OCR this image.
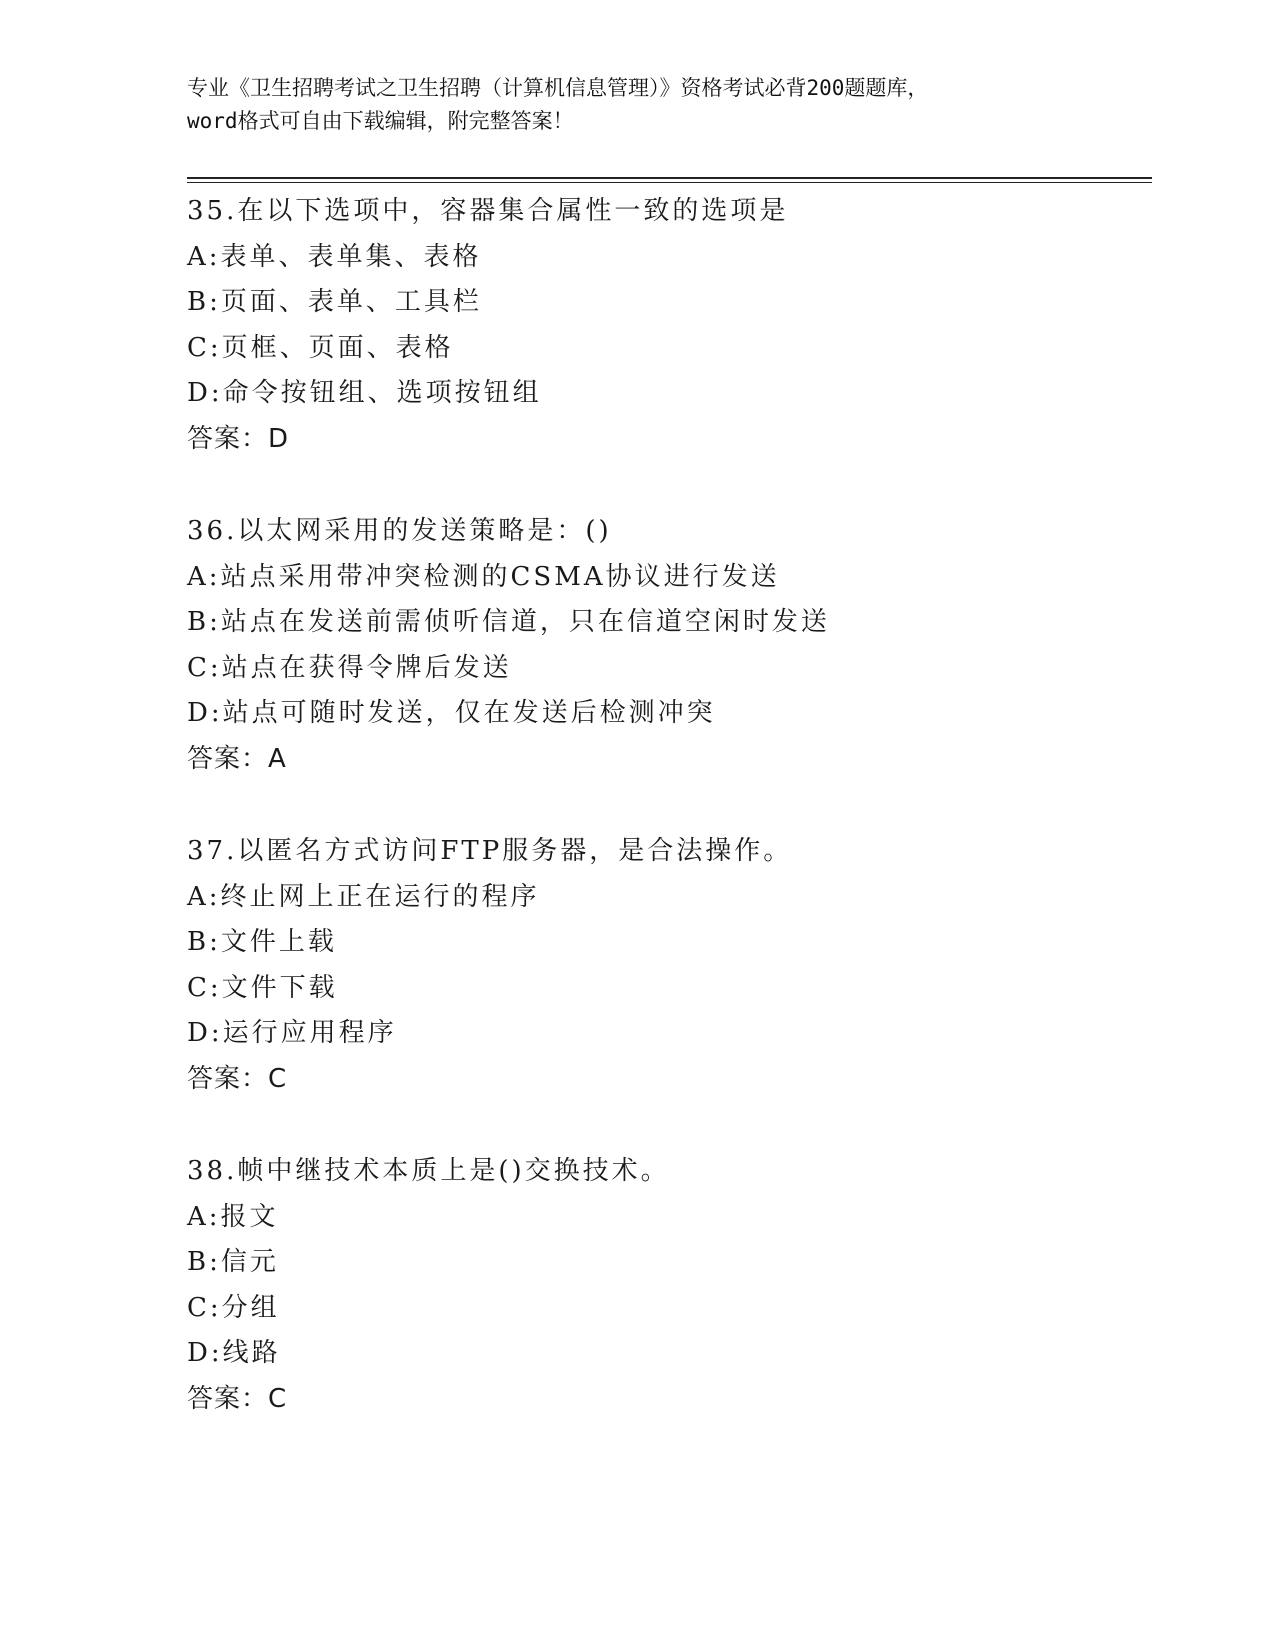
专业《卫生招聘考试之卫生招聘（计算机信息管理）》资格考试必背200题题库，
word格式可自由下载编辑，附完整答案！
35.在以下选项中，容器集合属性一致的选项是
A:表单、表单集、表格
B:页面、表单、工具栏
C:页框、页面、表格
D:命令按钮组、选项按钮组
答案：D
36.以太网采用的发送策略是：()
A:站点采用带冲突检测的CSMA协议进行发送
B:站点在发送前需侦听信道，只在信道空闲时发送
C:站点在获得令牌后发送
D:站点可随时发送，仅在发送后检测冲突
答案：A
37.以匿名方式访问FTP服务器，是合法操作。
A:终止网上正在运行的程序
B:文件上载
C:文件下载
D:运行应用程序
答案：C
38.帧中继技术本质上是()交换技术。
A:报文
B:信元
C:分组
D:线路
答案：C
